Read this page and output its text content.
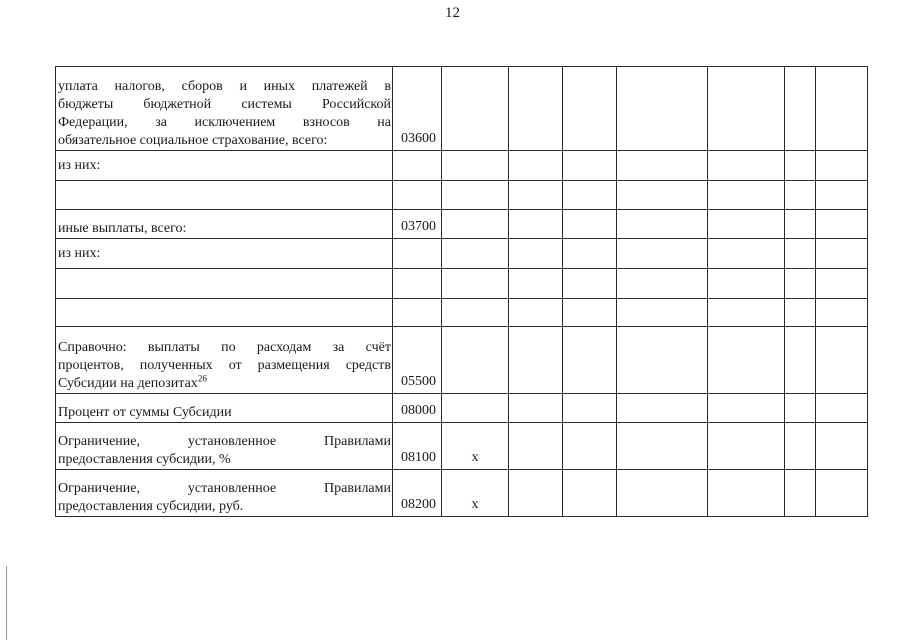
12
уплата налогов, сборов и иных платежей в
бюджеты бюджетной системы Российской
Федерации, за исключением взносов на
обязательное социальное страхование, всего:	03600							

из них:								

иные выплаты, всего:	03700							

из них:								

Справочно: выплаты по расходам за счёт
процентов, полученных от размещения средств
Субсидии на депозитах$^{26}$	05500							

Процент от суммы Субсидии	08000							

Ограничение, установленное Правилами
предоставления субсидии, %	08100	x						

Ограничение, установленное Правилами
предоставления субсидии, руб.	08200	x						
